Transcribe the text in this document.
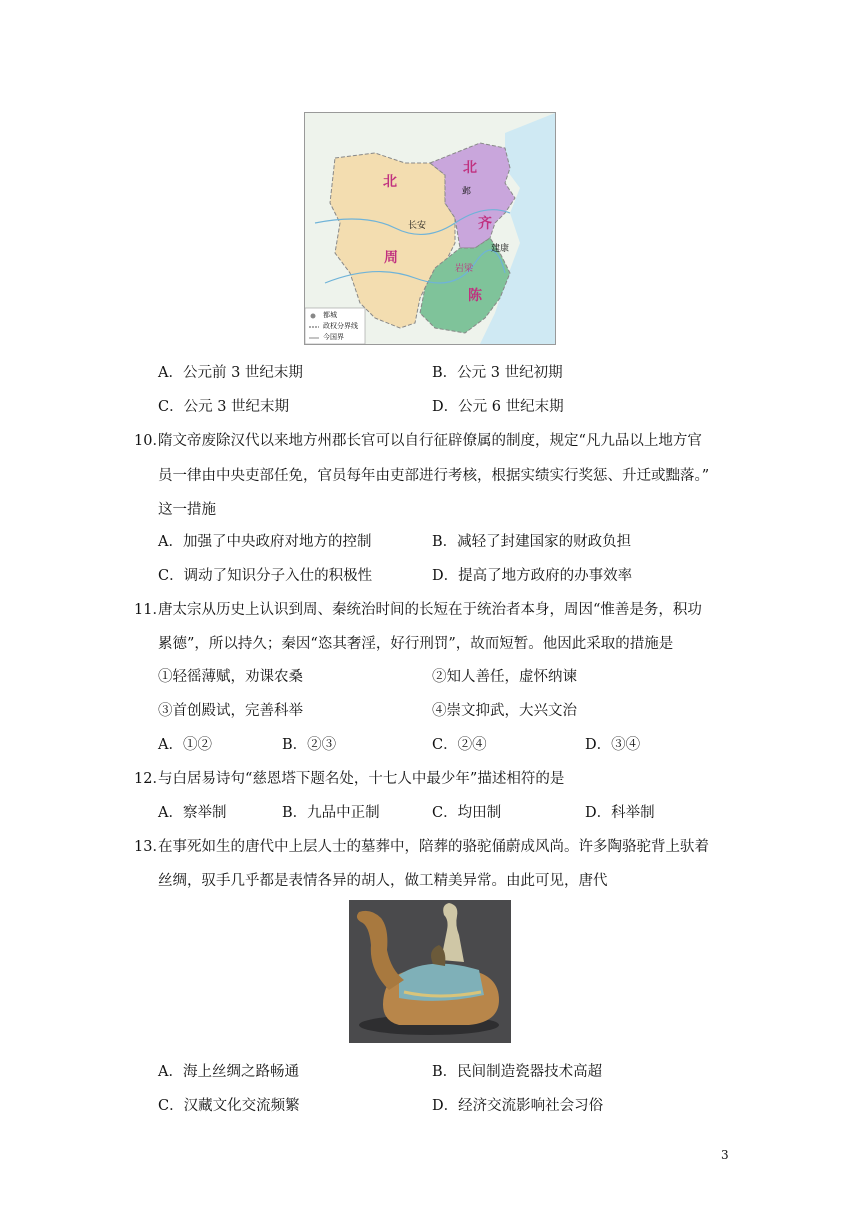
北
周
北
齐
陈
邺
长安
建康
岩梁
都城
政权分界线
今国界
A．公元前 3 世纪末期	B．公元 3 世纪初期
C．公元 3 世纪末期	D．公元 6 世纪末期
10．
隋文帝废除汉代以来地方州郡长官可以自行征辟僚属的制度，规定“凡九品以上地方官
员一律由中央吏部任免，官员每年由吏部进行考核，根据实绩实行奖惩、升迁或黜落。”
这一措施
A．加强了中央政府对地方的控制	B．减轻了封建国家的财政负担
C．调动了知识分子入仕的积极性	D．提高了地方政府的办事效率
11．
唐太宗从历史上认识到周、秦统治时间的长短在于统治者本身，周因“惟善是务，积功
累德”，所以持久；秦因“恣其奢淫，好行刑罚”，故而短暂。他因此采取的措施是
①轻徭薄赋，劝课农桑	②知人善任，虚怀纳谏
③首创殿试，完善科举	④崇文抑武，大兴文治
A．①②	B．②③	C．②④	D．③④
12．
与白居易诗句“慈恩塔下题名处，十七人中最少年”描述相符的是
A．察举制	B．九品中正制	C．均田制	D．科举制
13．
在事死如生的唐代中上层人士的墓葬中，陪葬的骆驼俑蔚成风尚。许多陶骆驼背上驮着
丝绸，驭手几乎都是表情各异的胡人，做工精美异常。由此可见，唐代
A．海上丝绸之路畅通	B．民间制造瓷器技术高超
C．汉藏文化交流频繁	D．经济交流影响社会习俗
3
